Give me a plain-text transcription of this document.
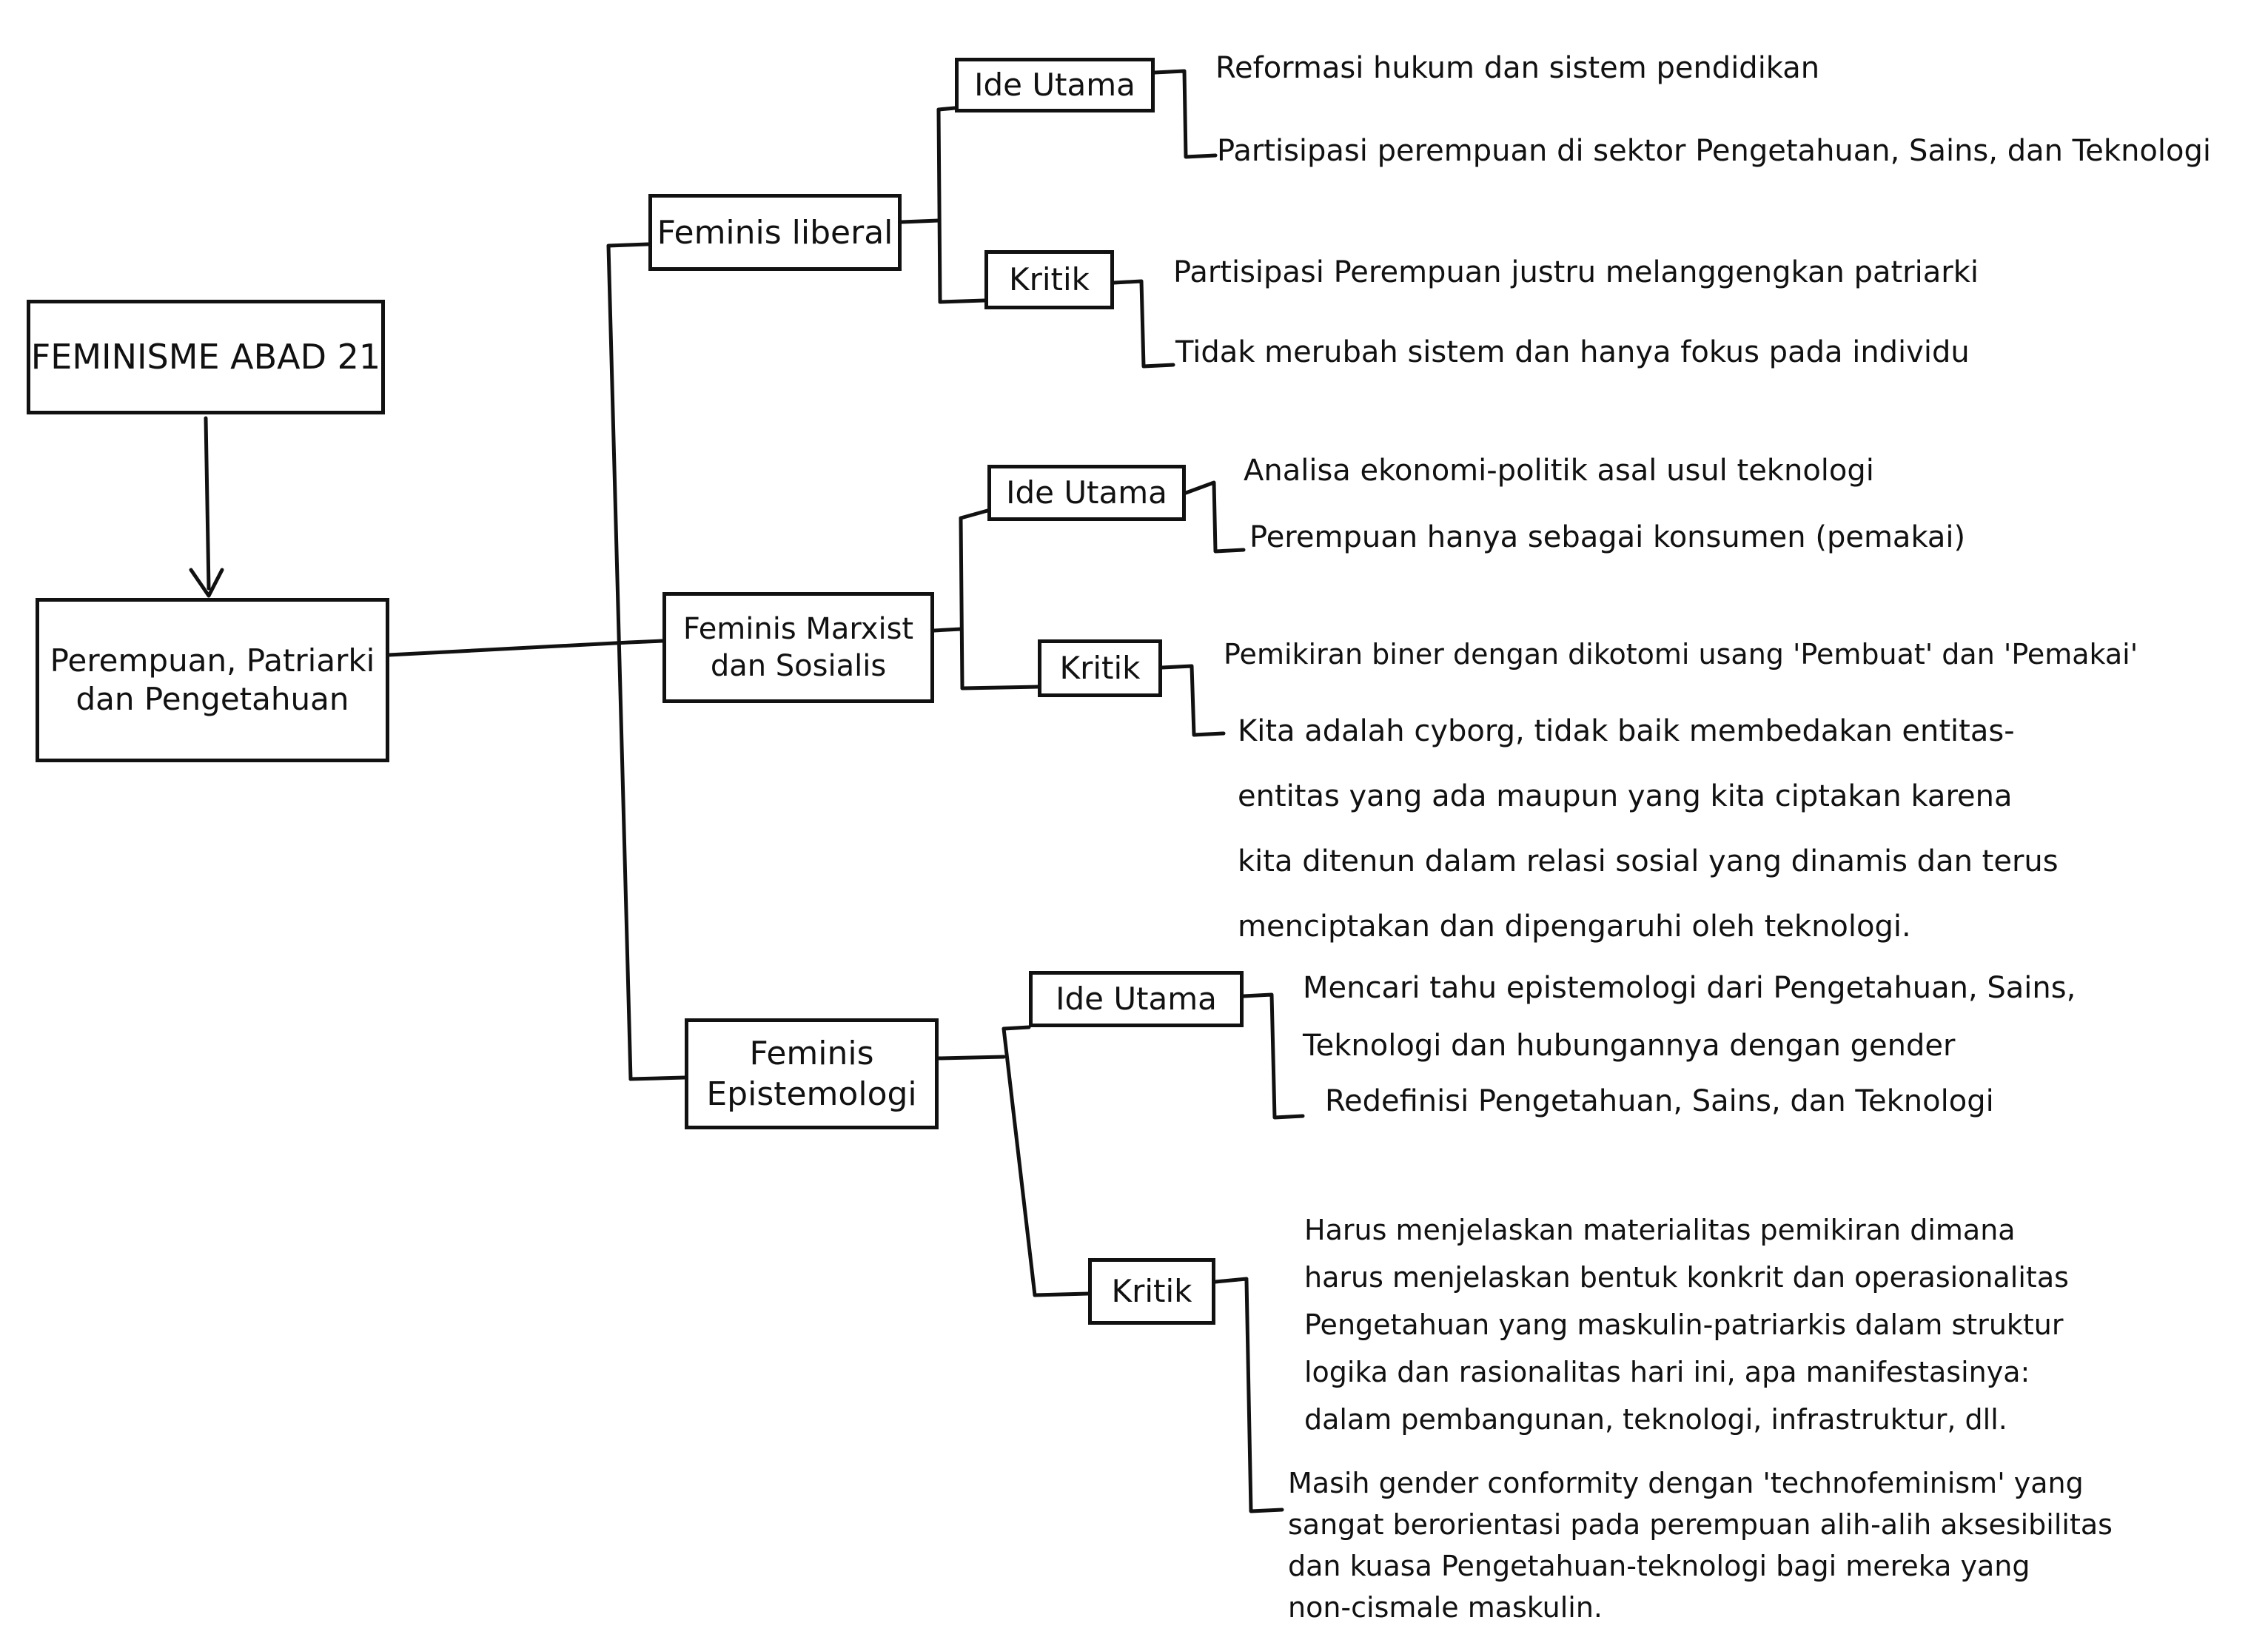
FEMINISME ABAD 21
Perempuan, Patriarki
dan Pengetahuan
Feminis liberal
Ide Utama
Kritik
Reformasi hukum dan sistem pendidikan
Partisipasi perempuan di sektor Pengetahuan, Sains, dan Teknologi
Partisipasi Perempuan justru melanggengkan patriarki
Tidak merubah sistem dan hanya fokus pada individu
Feminis Marxist
dan Sosialis
Ide Utama
Kritik
Analisa ekonomi-politik asal usul teknologi
Perempuan hanya sebagai konsumen (pemakai)
Pemikiran biner dengan dikotomi usang 'Pembuat' dan 'Pemakai'
Kita adalah cyborg, tidak baik membedakan entitas-
entitas yang ada maupun yang kita ciptakan karena
kita ditenun dalam relasi sosial yang dinamis dan terus
menciptakan dan dipengaruhi oleh teknologi.
Feminis
Epistemologi
Ide Utama
Kritik
Mencari tahu epistemologi dari Pengetahuan, Sains,
Teknologi dan hubungannya dengan gender
Redefinisi Pengetahuan, Sains, dan Teknologi
Harus menjelaskan materialitas pemikiran dimana
harus menjelaskan bentuk konkrit dan operasionalitas
Pengetahuan yang maskulin-patriarkis dalam struktur
logika dan rasionalitas hari ini, apa manifestasinya:
dalam pembangunan, teknologi, infrastruktur, dll.
Masih gender conformity dengan 'technofeminism' yang
sangat berorientasi pada perempuan alih-alih aksesibilitas
dan kuasa Pengetahuan-teknologi bagi mereka yang
non-cismale maskulin.
